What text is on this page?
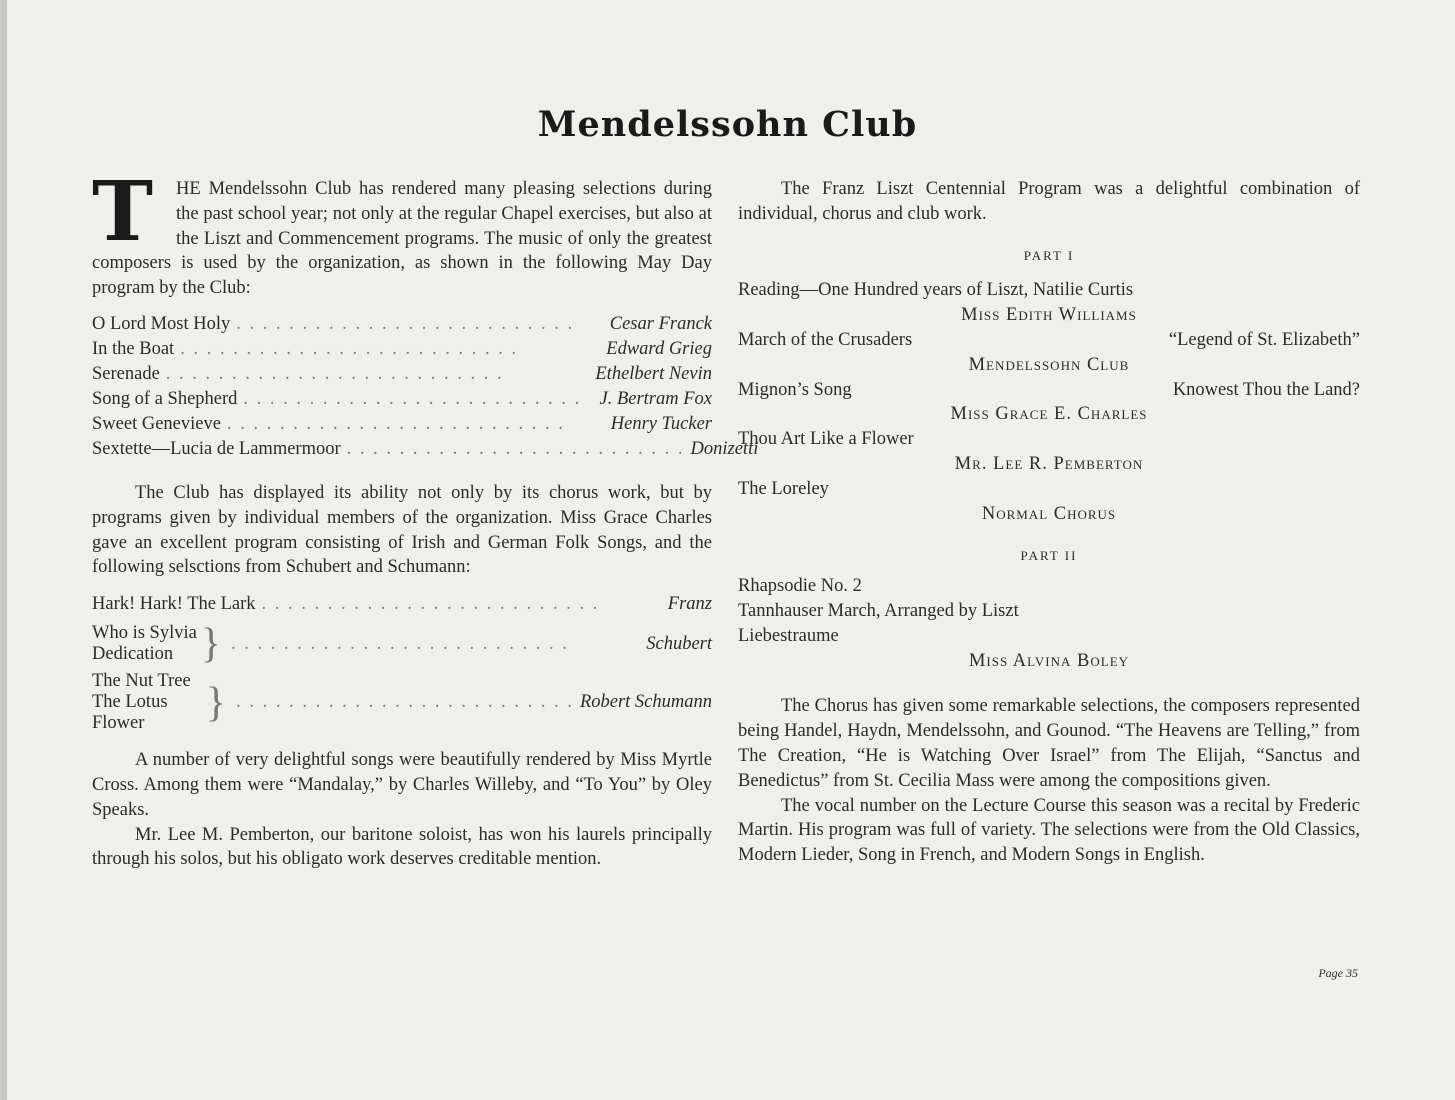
Mendelssohn Club

T	HE Mendelssohn Club has rendered many pleasing selections during the past school year; not only at the regular Chapel exercises, but also at the Liszt and Commencement programs. The music of only the greatest composers is used by the organization, as shown in the following May Day program by the Club:

O Lord Most Holy . . . . . . . . . . . . . . . . . . . . . . . . . .	Cesar Franck
In the Boat . . . . . . . . . . . . . . . . . . . . . . . . . .	Edward Grieg
Serenade . . . . . . . . . . . . . . . . . . . . . . . . . .	Ethelbert Nevin
Song of a Shepherd . . . . . . . . . . . . . . . . . . . . . . . . . . J. Bertram Fox
Sweet Genevieve . . . . . . . . . . . . . . . . . . . . . . . . . .	Henry Tucker
Sextette—Lucia de Lammermoor . . . . . . . . . . . . . . . . . . . . . . . . . . Donizetti

The Club has displayed its ability not only by its chorus work, but by programs given by individual members of the organization. Miss Grace Charles gave an excellent program consisting of Irish and German Folk Songs, and the following selsctions from Schubert and Schumann:

Hark! Hark! The Lark . . . . . . . . . . . . . . . . . . . . . . . . . .	Franz
Who is Sylvia
Dedication } . . . . . . . . . . . . . . . . . . . . . . . . . .	Schubert
The Nut Tree
The Lotus Flower	} . . . . . . . . . . . . . . . . . . . . . . . . . . Robert Schumann

A number of very delightful songs were beautifully rendered by Miss Myrtle Cross. Among them were “Mandalay,” by Charles Willeby, and “To You” by Oley Speaks.

Mr. Lee M. Pemberton, our baritone soloist, has won his laurels principally through his solos, but his obligato work deserves creditable mention.

The Franz Liszt Centennial Program was a delightful combination of individual, chorus and club work.

PART I
Reading—One Hundred years of Liszt, Natilie Curtis
Miss Edith Williams
March of the Crusaders	“Legend of St. Elizabeth”
Mendelssohn Club
Mignon’s Song	Knowest Thou the Land?
Miss Grace E. Charles
Thou Art Like a Flower
Mr. Lee R. Pemberton
The Loreley
Normal Chorus
PART II
Rhapsodie No. 2
Tannhauser March, Arranged by Liszt
Liebestraume
Miss Alvina Boley

The Chorus has given some remarkable selections, the composers represented being Handel, Haydn, Mendelssohn, and Gounod. “The Heavens are Telling,” from The Creation, “He is Watching Over Israel” from The Elijah, “Sanctus and Benedictus” from St. Cecilia Mass were among the compositions given.

The vocal number on the Lecture Course this season was a recital by Frederic Martin. His program was full of variety. The selections were from the Old Classics, Modern Lieder, Song in French, and Modern Songs in English.

Page 35
